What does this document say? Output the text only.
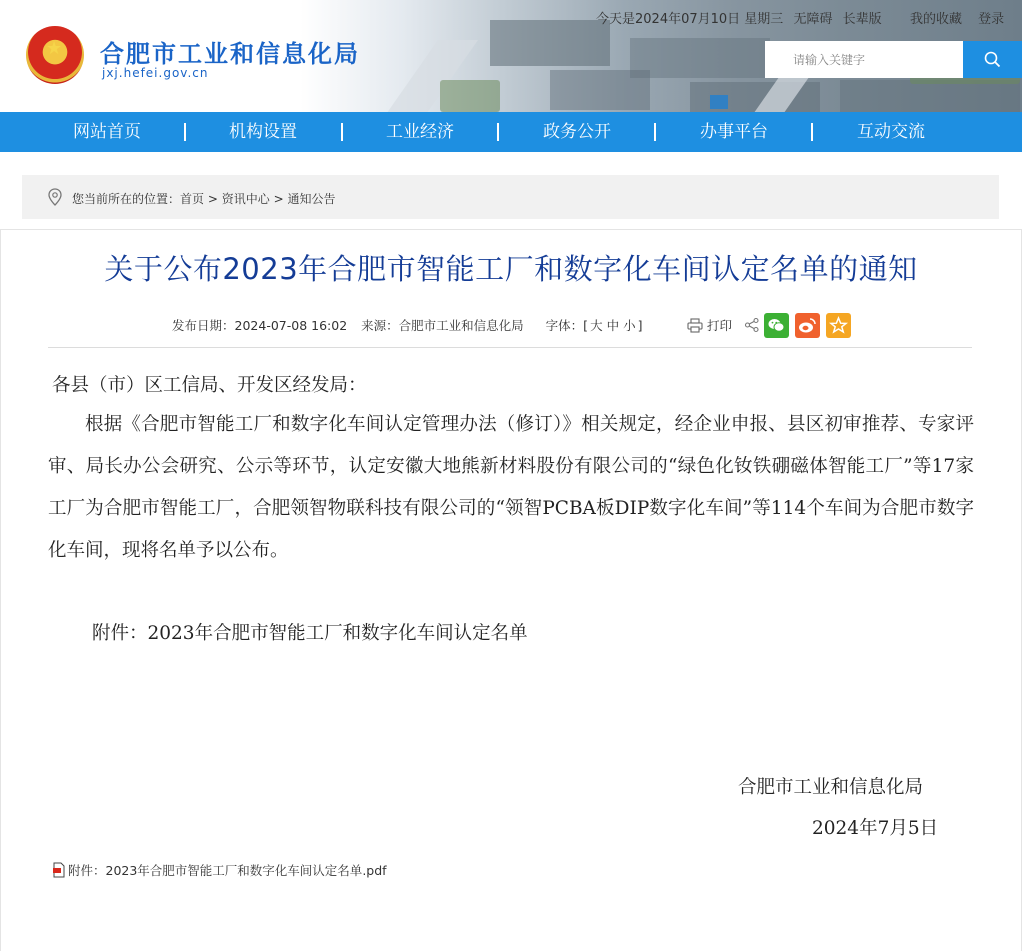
★ 合肥市工业和信息化局
jxj.hefei.gov.cn
今天是2024年07月10日 星期三 无障碍 长辈版	我的收藏 登录
请输入关键字
网站首页	机构设置	工业经济	政务公开	办事平台	互动交流
您当前所在的位置：首页 > 资讯中心 > 通知公告
关于公布2023年合肥市智能工厂和数字化车间认定名单的通知
发布日期：2024-07-08 16:02 来源：合肥市工业和信息化局 字体：[ 大 中 小 ]	打印
各县（市）区工信局、开发区经发局：

根据《合肥市智能工厂和数字化车间认定管理办法（修订）》相关规定，经企业申报、县区初审推荐、专家评审、局长办公会研究、公示等环节，认定安徽大地熊新材料股份有限公司的“绿色化钕铁硼磁体智能工厂”等17家工厂为合肥市智能工厂，合肥领智物联科技有限公司的“领智PCBA板DIP数字化车间”等114个车间为合肥市数字化车间，现将名单予以公布。

附件：2023年合肥市智能工厂和数字化车间认定名单
合肥市工业和信息化局
2024年7月5日
附件：2023年合肥市智能工厂和数字化车间认定名单.pdf
